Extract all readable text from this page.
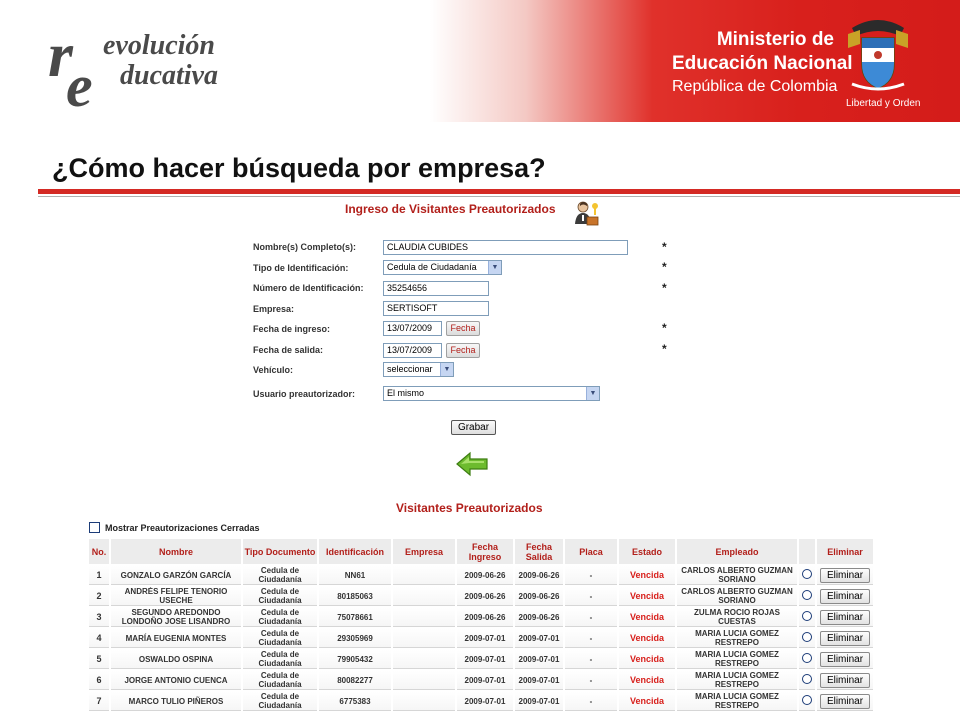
r
e
evolución
ducativa
Ministerio de
Educación Nacional
República de Colombia
Libertad y Orden
¿Cómo hacer búsqueda por empresa?
Ingreso de Visitantes Preautorizados
Nombre(s) Completo(s):	CLAUDIA CUBIDES	*
Tipo de Identificación:	Cedula de Ciudadanía	▼	*
Número de Identificación:	35254656	*
Empresa:	SERTISOFT
Fecha de ingreso:	13/07/2009	Fecha	*
Fecha de salida:	13/07/2009	Fecha	*
Vehículo:	seleccionar	▼
Usuario preautorizador:	El mismo	▼
Grabar
Visitantes Preautorizados
Mostrar Preautorizaciones Cerradas
No.	Nombre	Tipo Documento	Identificación	Empresa	Fecha Ingreso	Fecha Salida	Placa	Estado	Empleado		Eliminar
1	GONZALO GARZÓN GARCÍA	Cedula de Ciudadanía	NN61		2009-06-26	2009-06-26	-	Vencida	CARLOS ALBERTO GUZMAN SORIANO		Eliminar
2	ANDRÉS FELIPE TENORIO USECHE	Cedula de Ciudadanía	80185063		2009-06-26	2009-06-26	-	Vencida	CARLOS ALBERTO GUZMAN SORIANO		Eliminar
3	SEGUNDO AREDONDO LONDOÑO JOSE LISANDRO	Cedula de Ciudadanía	75078661		2009-06-26	2009-06-26	-	Vencida	ZULMA ROCIO ROJAS CUESTAS		Eliminar
4	MARÍA EUGENIA MONTES	Cedula de Ciudadanía	29305969		2009-07-01	2009-07-01	-	Vencida	MARIA LUCIA GOMEZ RESTREPO		Eliminar
5	OSWALDO OSPINA	Cedula de Ciudadanía	79905432		2009-07-01	2009-07-01	-	Vencida	MARIA LUCIA GOMEZ RESTREPO		Eliminar
6	JORGE ANTONIO CUENCA	Cedula de Ciudadanía	80082277		2009-07-01	2009-07-01	-	Vencida	MARIA LUCIA GOMEZ RESTREPO		Eliminar
7	MARCO TULIO PIÑEROS	Cedula de Ciudadanía	6775383		2009-07-01	2009-07-01	-	Vencida	MARIA LUCIA GOMEZ RESTREPO		Eliminar
